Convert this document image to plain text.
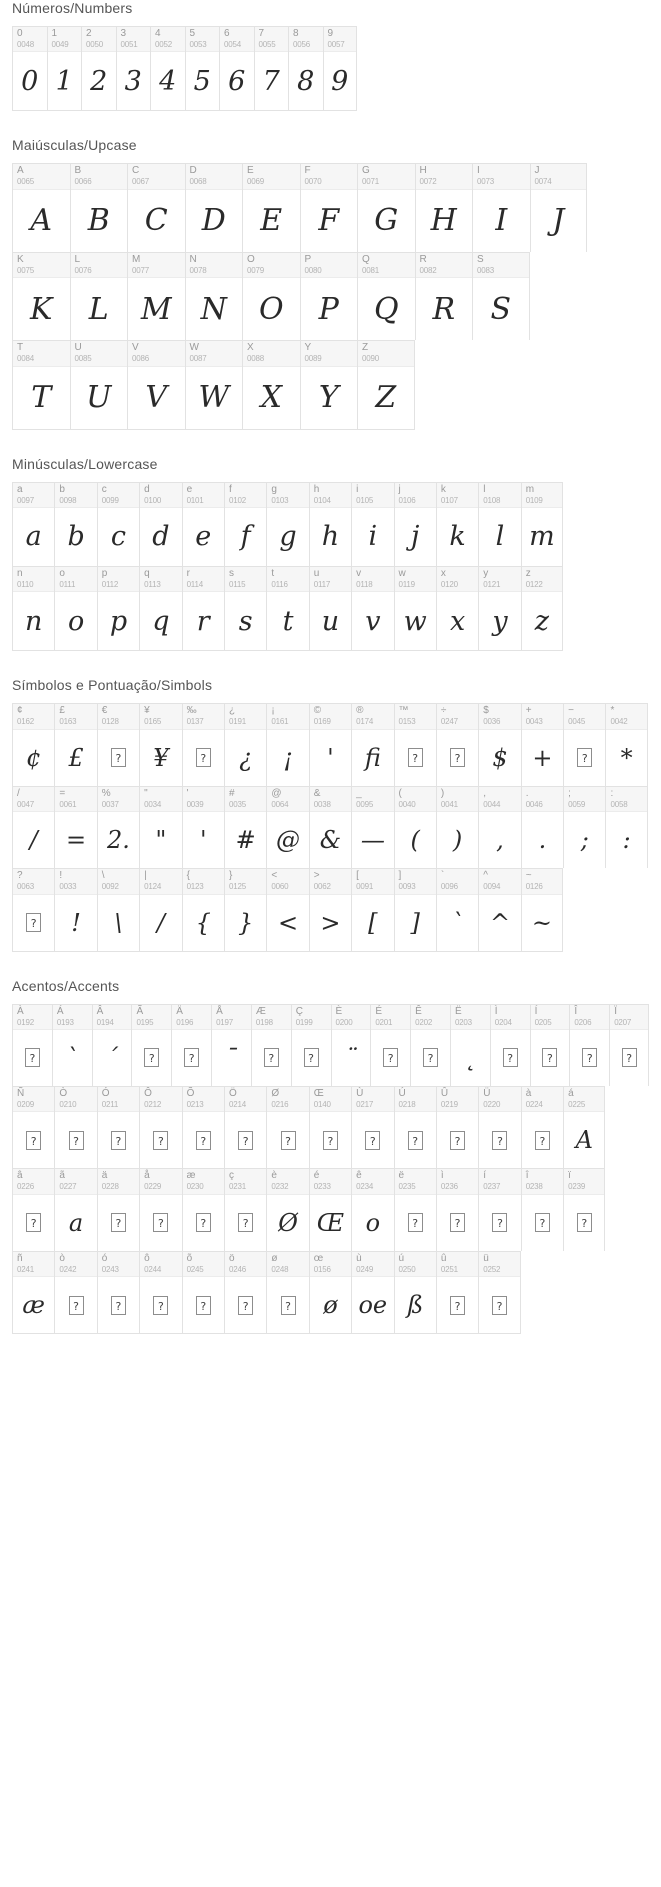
Números/Numbers
0
0048
0
1
0049
1
2
0050
2
3
0051
3
4
0052
4
5
0053
5
6
0054
6
7
0055
7
8
0056
8
9
0057
9
Maiúsculas/Upcase
A
0065
A
B
0066
B
C
0067
C
D
0068
D
E
0069
E
F
0070
F
G
0071
G
H
0072
H
I
0073
I
J
0074
J
K
0075
K
L
0076
L
M
0077
M
N
0078
N
O
0079
O
P
0080
P
Q
0081
Q
R
0082
R
S
0083
S
T
0084
T
U
0085
U
V
0086
V
W
0087
W
X
0088
X
Y
0089
Y
Z
0090
Z
Minúsculas/Lowercase
a
0097
a
b
0098
b
c
0099
c
d
0100
d
e
0101
e
f
0102
f
g
0103
g
h
0104
h
i
0105
i
j
0106
j
k
0107
k
l
0108
l
m
0109
m
n
0110
n
o
0111
o
p
0112
p
q
0113
q
r
0114
r
s
0115
s
t
0116
t
u
0117
u
v
0118
v
w
0119
w
x
0120
x
y
0121
y
z
0122
z
Símbolos e Pontuação/Simbols
¢
0162
¢
£
0163
£
€
0128
?
¥
0165
¥
‰
0137
?
¿
0191
¿
¡
0161
¡
©
0169
'
®
0174
fi
™
0153
?
÷
0247
?
$
0036
$
+
0043
+
−
0045
?
*
0042
*
/
0047
/
=
0061
=
%
0037
2.
"
0034
"
'
0039
'
#
0035
#
@
0064
@
&
0038
&
_
0095
—
(
0040
(
)
0041
)
,
0044
,
.
0046
.
;
0059
;
:
0058
:
?
0063
?
!
0033
!
\
0092
\
|
0124
/
{
0123
{
}
0125
}
<
0060
<
>
0062
>
[
0091
[
]
0093
]
`
0096
`
^
0094
^
~
0126
~
Acentos/Accents
À
0192
?
Á
0193
`
Â
0194
´
Ã
0195
?
Ä
0196
?
Å
0197
¯
Æ
0198
?
Ç
0199
?
È
0200
¨
É
0201
?
Ê
0202
?
Ë
0203
˛
Ì
0204
?
Í
0205
?
Î
0206
?
Ï
0207
?
Ñ
0209
?
Ò
0210
?
Ó
0211
?
Ô
0212
?
Õ
0213
?
Ö
0214
?
Ø
0216
?
Œ
0140
?
Ù
0217
?
Ú
0218
?
Û
0219
?
Ü
0220
?
à
0224
?
á
0225
A
â
0226
?
ã
0227
a
ä
0228
?
å
0229
?
æ
0230
?
ç
0231
?
è
0232
Ø
é
0233
Œ
ê
0234
o
ë
0235
?
ì
0236
?
í
0237
?
î
0238
?
ï
0239
?
ñ
0241
æ
ò
0242
?
ó
0243
?
ô
0244
?
õ
0245
?
ö
0246
?
ø
0248
?
œ
0156
ø
ù
0249
oe
ú
0250
ß
û
0251
?
ü
0252
?
